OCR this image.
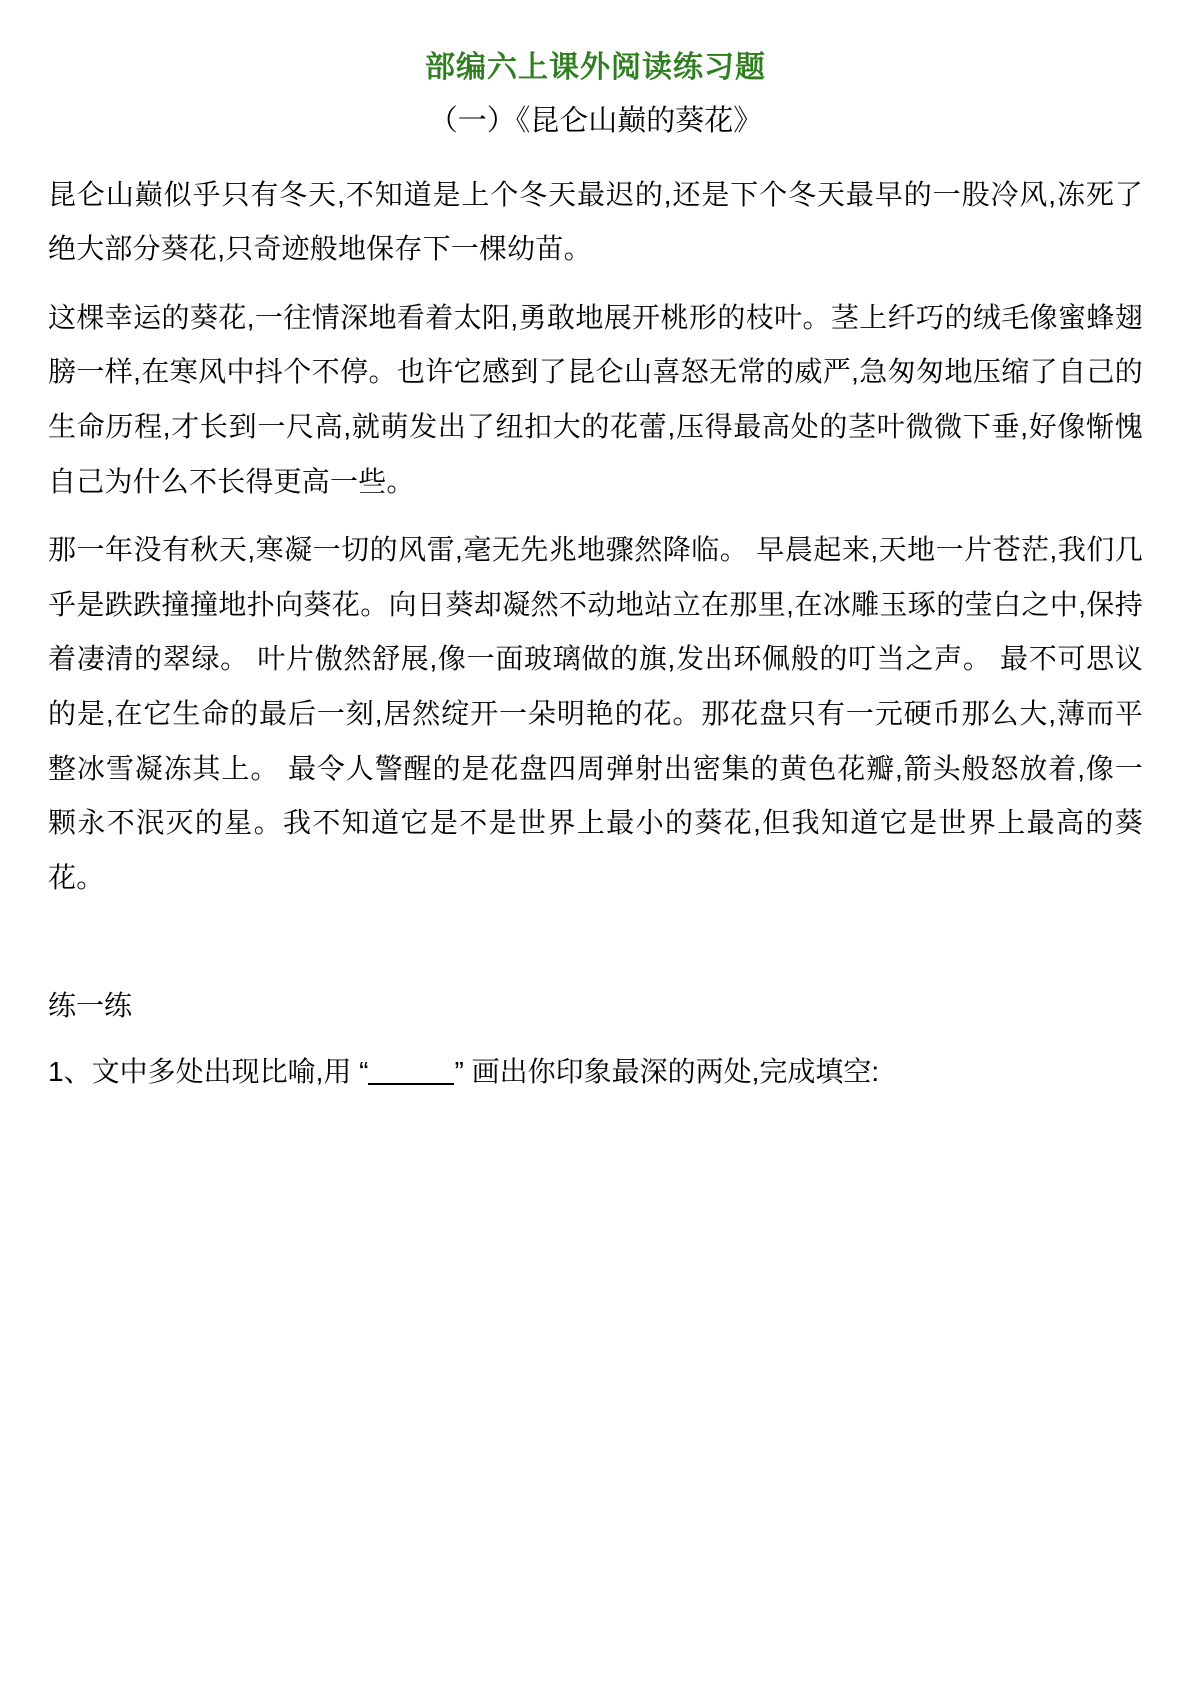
部编六上课外阅读练习题
（一）《昆仑山巅的葵花》

昆仑山巅似乎只有冬天,不知道是上个冬天最迟的,还是下个冬天最早的一股冷风,冻死了绝大部分葵花,只奇迹般地保存下一棵幼苗。

这棵幸运的葵花,一往情深地看着太阳,勇敢地展开桃形的枝叶。茎上纤巧的绒毛像蜜蜂翅膀一样,在寒风中抖个不停。也许它感到了昆仑山喜怒无常的威严,急匆匆地压缩了自己的生命历程,才长到一尺高,就萌发出了纽扣大的花蕾,压得最高处的茎叶微微下垂,好像惭愧自己为什么不长得更高一些。

那一年没有秋天,寒凝一切的风雷,毫无先兆地骤然降临。 早晨起来,天地一片苍茫,我们几乎是跌跌撞撞地扑向葵花。向日葵却凝然不动地站立在那里,在冰雕玉琢的莹白之中,保持着凄清的翠绿。 叶片傲然舒展,像一面玻璃做的旗,发出环佩般的叮当之声。 最不可思议的是,在它生命的最后一刻,居然绽开一朵明艳的花。那花盘只有一元硬币那么大,薄而平整冰雪凝冻其上。 最令人警醒的是花盘四周弹射出密集的黄色花瓣,箭头般怒放着,像一颗永不泯灭的星。我不知道它是不是世界上最小的葵花,但我知道它是世界上最高的葵花。

练一练

1、文中多处出现比喻,用 “	” 画出你印象最深的两处,完成填空:
